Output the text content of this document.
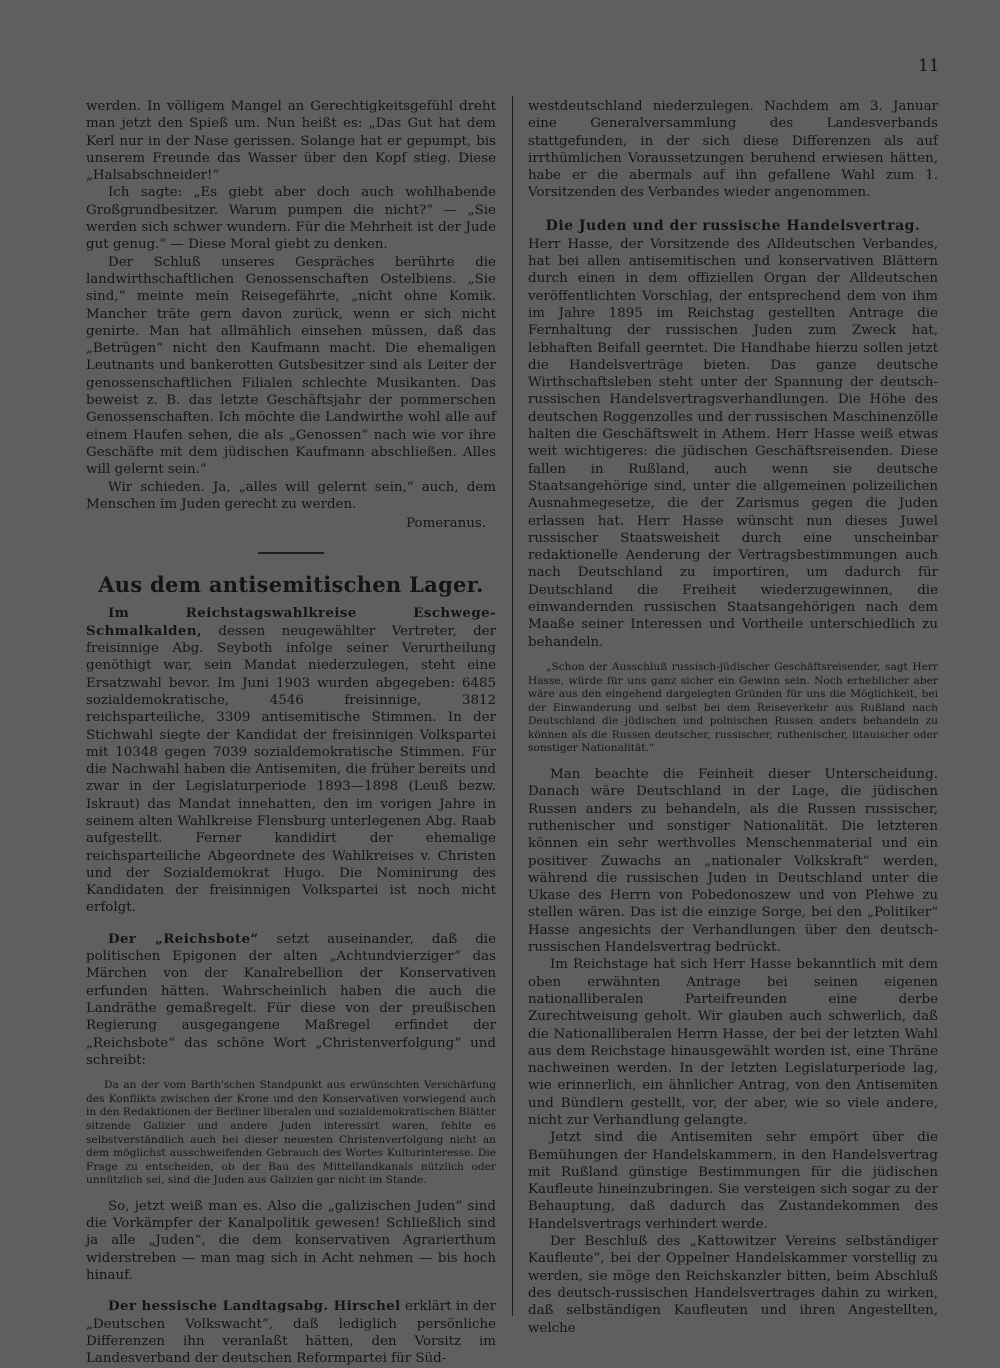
11

werden. In völligem Mangel an Gerechtigkeitsgefühl dreht man jetzt den Spieß um. Nun heißt es: „Das Gut hat dem Kerl nur in der Nase gerissen. Solange hat er gepumpt, bis unserem Freunde das Wasser über den Kopf stieg. Diese „Halsabschneider!“

Ich sagte: „Es giebt aber doch auch wohlhabende Großgrundbesitzer. Warum pumpen die nicht?“ — „Sie werden sich schwer wundern. Für die Mehrheit ist der Jude gut genug.“ — Diese Moral giebt zu denken.

Der Schluß unseres Gespräches berührte die landwirthschaftlichen Genossenschaften Ostelbiens. „Sie sind,“ meinte mein Reisegefährte, „nicht ohne Komik. Mancher träte gern davon zurück, wenn er sich nicht genirte. Man hat allmählich einsehen müssen, daß das „Betrügen“ nicht den Kaufmann macht. Die ehemaligen Leutnants und bankerotten Gutsbesitzer sind als Leiter der genossenschaftlichen Filialen schlechte Musikanten. Das beweist z. B. das letzte Geschäftsjahr der pommerschen Genossenschaften. Ich möchte die Landwirthe wohl alle auf einem Haufen sehen, die als „Genossen“ nach wie vor ihre Geschäfte mit dem jüdischen Kaufmann abschließen. Alles will gelernt sein.“

Wir schieden. Ja, „alles will gelernt sein,“ auch, dem Menschen im Juden gerecht zu werden.

Pomeranus.
Aus dem antisemitischen Lager.

Im Reichstagswahlkreise Eschwege-Schmalkalden, dessen neugewählter Vertreter, der freisinnige Abg. Seyboth infolge seiner Verurtheilung genöthigt war, sein Mandat niederzulegen, steht eine Ersatzwahl bevor. Im Juni 1903 wurden abgegeben: 6485 sozialdemokratische, 4546 freisinnige, 3812 reichsparteiliche, 3309 antisemitische Stimmen. In der Stichwahl siegte der Kandidat der freisinnigen Volkspartei mit 10348 gegen 7039 sozialdemokratische Stimmen. Für die Nachwahl haben die Antisemiten, die früher bereits und zwar in der Legislaturperiode 1893—1898 (Leuß bezw. Iskraut) das Mandat innehatten, den im vorigen Jahre in seinem alten Wahlkreise Flensburg unterlegenen Abg. Raab aufgestellt. Ferner kandidirt der ehemalige reichsparteiliche Abgeordnete des Wahlkreises v. Christen und der Sozialdemokrat Hugo. Die Nominirung des Kandidaten der freisinnigen Volkspartei ist noch nicht erfolgt.

Der „Reichsbote“ setzt auseinander, daß die politischen Epigonen der alten „Achtundvierziger“ das Märchen von der Kanalrebellion der Konservativen erfunden hätten. Wahrscheinlich haben die auch die Landräthe gemaßregelt. Für diese von der preußischen Regierung ausgegangene Maßregel erfindet der „Reichsbote“ das schöne Wort „Christenverfolgung“ und schreibt:

Da an der vom Barth'schen Standpunkt aus erwünschten Verschärfung des Konflikts zwischen der Krone und den Konservativen vorwiegend auch in den Redaktionen der Berliner liberalen und sozialdemokratischen Blätter sitzende Galizier und andere Juden interessirt waren, fehlte es selbstverständlich auch bei dieser neuesten Christenverfolgung nicht an dem möglichst ausschweifenden Gebrauch des Wortes Kulturinteresse. Die Frage zu entscheiden, ob der Bau des Mittellandkanals nützlich oder unnützlich sei, sind die Juden aus Galizien gar nicht im Stande.

So, jetzt weiß man es. Also die „galizischen Juden“ sind die Vorkämpfer der Kanalpolitik gewesen! Schließlich sind ja alle „Juden“, die dem konservativen Agrarierthum widerstreben — man mag sich in Acht nehmen — bis hoch hinauf.

Der hessische Landtagsabg. Hirschel erklärt in der „Deutschen Volkswacht“, daß lediglich persönliche Differenzen ihn veranlaßt hätten, den Vorsitz im Landesverband der deutschen Reformpartei für Süd-

westdeutschland niederzulegen. Nachdem am 3. Januar eine Generalversammlung des Landesverbands stattgefunden, in der sich diese Differenzen als auf irrthümlichen Voraussetzungen beruhend erwiesen hätten, habe er die abermals auf ihn gefallene Wahl zum 1. Vorsitzenden des Verbandes wieder angenommen.

Die Juden und der russische Handelsvertrag.

Herr Hasse, der Vorsitzende des Alldeutschen Verbandes, hat bei allen antisemitischen und konservativen Blättern durch einen in dem offiziellen Organ der Alldeutschen veröffentlichten Vorschlag, der entsprechend dem von ihm im Jahre 1895 im Reichstag gestellten Antrage die Fernhaltung der russischen Juden zum Zweck hat, lebhaften Beifall geerntet. Die Handhabe hierzu sollen jetzt die Handelsverträge bieten. Das ganze deutsche Wirthschaftsleben steht unter der Spannung der deutsch-russischen Handelsvertragsverhandlungen. Die Höhe des deutschen Roggenzolles und der russischen Maschinenzölle halten die Geschäftswelt in Athem. Herr Hasse weiß etwas weit wichtigeres: die jüdischen Geschäftsreisenden. Diese fallen in Rußland, auch wenn sie deutsche Staatsangehörige sind, unter die allgemeinen polizeilichen Ausnahmegesetze, die der Zarismus gegen die Juden erlassen hat. Herr Hasse wünscht nun dieses Juwel russischer Staatsweisheit durch eine unscheinbar redaktionelle Aenderung der Vertragsbestimmungen auch nach Deutschland zu importiren, um dadurch für Deutschland die Freiheit wiederzugewinnen, die einwandernden russischen Staatsangehörigen nach dem Maaße seiner Interessen und Vortheile unterschiedlich zu behandeln.

„Schon der Ausschluß russisch-jüdischer Geschäftsreisender, sagt Herr Hasse, würde für uns ganz sicher ein Gewinn sein. Noch erheblicher aber wäre aus den eingehend dargelegten Gründen für uns die Möglichkeit, bei der Einwanderung und selbst bei dem Reiseverkehr aus Rußland nach Deutschland die jüdischen und polnischen Russen anders behandeln zu können als die Russen deutscher, russischer, ruthenischer, litauischer oder sonstiger Nationalität.“

Man beachte die Feinheit dieser Unterscheidung. Danach wäre Deutschland in der Lage, die jüdischen Russen anders zu behandeln, als die Russen russischer, ruthenischer und sonstiger Nationalität. Die letzteren können ein sehr werthvolles Menschenmaterial und ein positiver Zuwachs an „nationaler Volkskraft“ werden, während die russischen Juden in Deutschland unter die Ukase des Herrn von Pobedonoszew und von Plehwe zu stellen wären. Das ist die einzige Sorge, bei den „Politiker“ Hasse angesichts der Verhandlungen über den deutsch-russischen Handelsvertrag bedrückt.

Im Reichstage hat sich Herr Hasse bekanntlich mit dem oben erwähnten Antrage bei seinen eigenen nationalliberalen Parteifreunden eine derbe Zurechtweisung geholt. Wir glauben auch schwerlich, daß die Nationalliberalen Herrn Hasse, der bei der letzten Wahl aus dem Reichstage hinausgewählt worden ist, eine Thräne nachweinen werden. In der letzten Legislaturperiode lag, wie erinnerlich, ein ähnlicher Antrag, von den Antisemiten und Bündlern gestellt, vor, der aber, wie so viele andere, nicht zur Verhandlung gelangte.

Jetzt sind die Antisemiten sehr empört über die Bemühungen der Handelskammern, in den Handelsvertrag mit Rußland günstige Bestimmungen für die jüdischen Kaufleute hineinzubringen. Sie versteigen sich sogar zu der Behauptung, daß dadurch das Zustandekommen des Handelsvertrags verhindert werde.

Der Beschluß des „Kattowitzer Vereins selbständiger Kaufleute“, bei der Oppelner Handelskammer vorstellig zu werden, sie möge den Reichskanzler bitten, beim Abschluß des deutsch-russischen Handelsvertrages dahin zu wirken, daß selbständigen Kaufleuten und ihren Angestellten, welche
